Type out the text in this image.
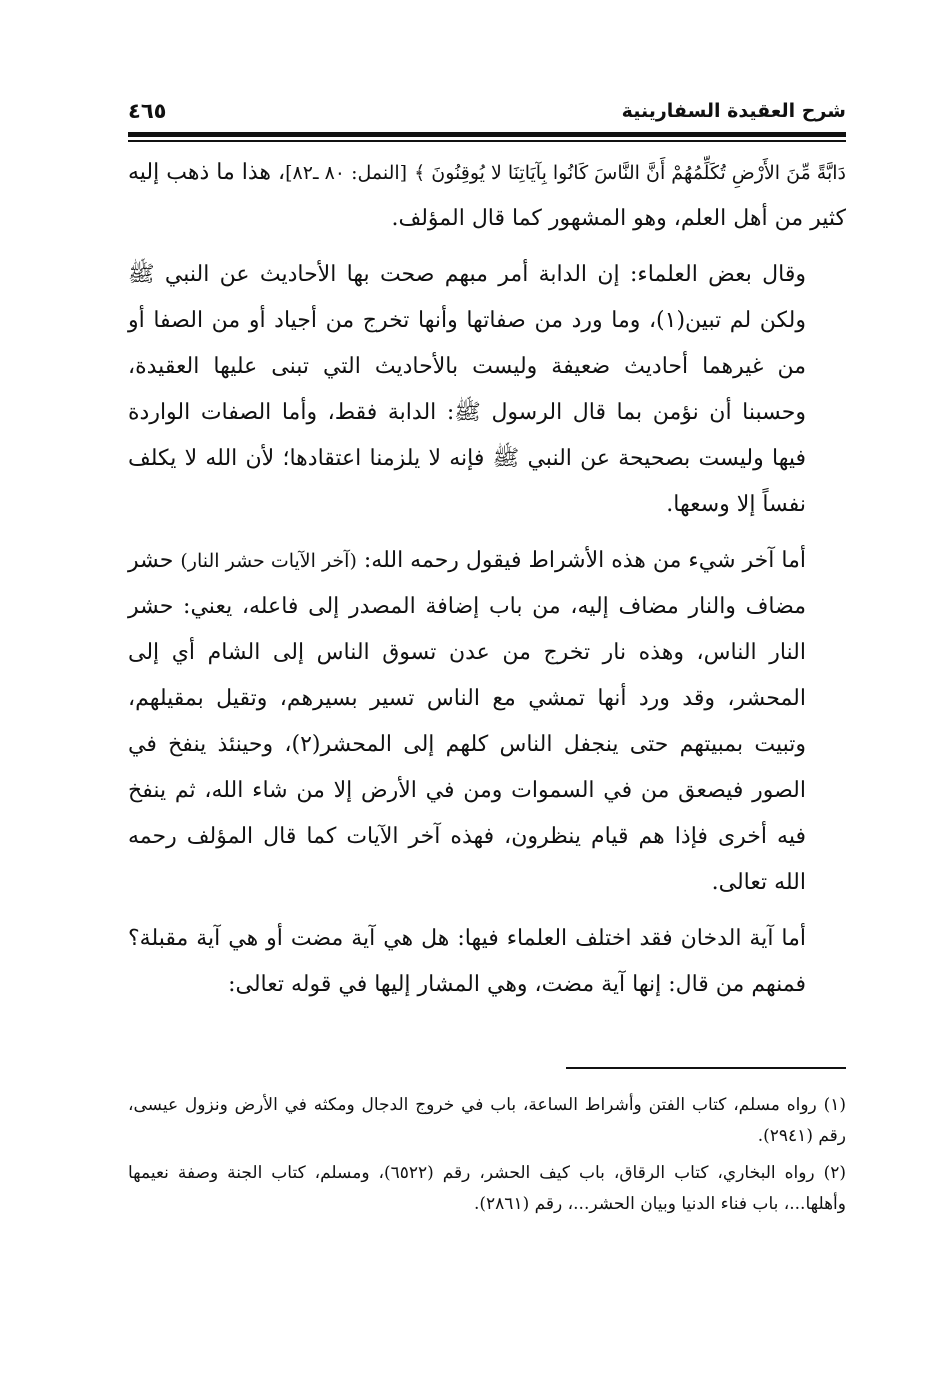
شرح العقيدة السفارينية
٤٦٥

دَابَّةً مِّنَ الأَرْضِ تُكَلِّمُهُمْ أَنَّ النَّاسَ كَانُوا بِآيَاتِنَا لا يُوقِنُونَ ﴾ [النمل: ٨٠ ـ٨٢]، هذا ما ذهب إليه كثير من أهل العلم، وهو المشهور كما قال المؤلف.

وقال بعض العلماء: إن الدابة أمر مبهم صحت بها الأحاديث عن النبي ﷺ ولكن لم تبين(١)، وما ورد من صفاتها وأنها تخرج من أجياد أو من الصفا أو من غيرهما أحاديث ضعيفة وليست بالأحاديث التي تبنى عليها العقيدة، وحسبنا أن نؤمن بما قال الرسول ﷺ: الدابة فقط، وأما الصفات الواردة فيها وليست بصحيحة عن النبي ﷺ فإنه لا يلزمنا اعتقادها؛ لأن الله لا يكلف نفساً إلا وسعها.

أما آخر شيء من هذه الأشراط فيقول رحمه الله: (آخر الآيات حشر النار) حشر مضاف والنار مضاف إليه، من باب إضافة المصدر إلى فاعله، يعني: حشر النار الناس، وهذه نار تخرج من عدن تسوق الناس إلى الشام أي إلى المحشر، وقد ورد أنها تمشي مع الناس تسير بسيرهم، وتقيل بمقيلهم، وتبيت بمبيتهم حتى ينجفل الناس كلهم إلى المحشر(٢)، وحينئذ ينفخ في الصور فيصعق من في السموات ومن في الأرض إلا من شاء الله، ثم ينفخ فيه أخرى فإذا هم قيام ينظرون، فهذه آخر الآيات كما قال المؤلف رحمه الله تعالى.

أما آية الدخان فقد اختلف العلماء فيها: هل هي آية مضت أو هي آية مقبلة؟ فمنهم من قال: إنها آية مضت، وهي المشار إليها في قوله تعالى:

(١) رواه مسلم، كتاب الفتن وأشراط الساعة، باب في خروج الدجال ومكثه في الأرض ونزول عيسى، رقم (٢٩٤١).

(٢) رواه البخاري، كتاب الرقاق، باب كيف الحشر، رقم (٦٥٢٢)، ومسلم، كتاب الجنة وصفة نعيمها وأهلها...، باب فناء الدنيا وبيان الحشر...، رقم (٢٨٦١).
